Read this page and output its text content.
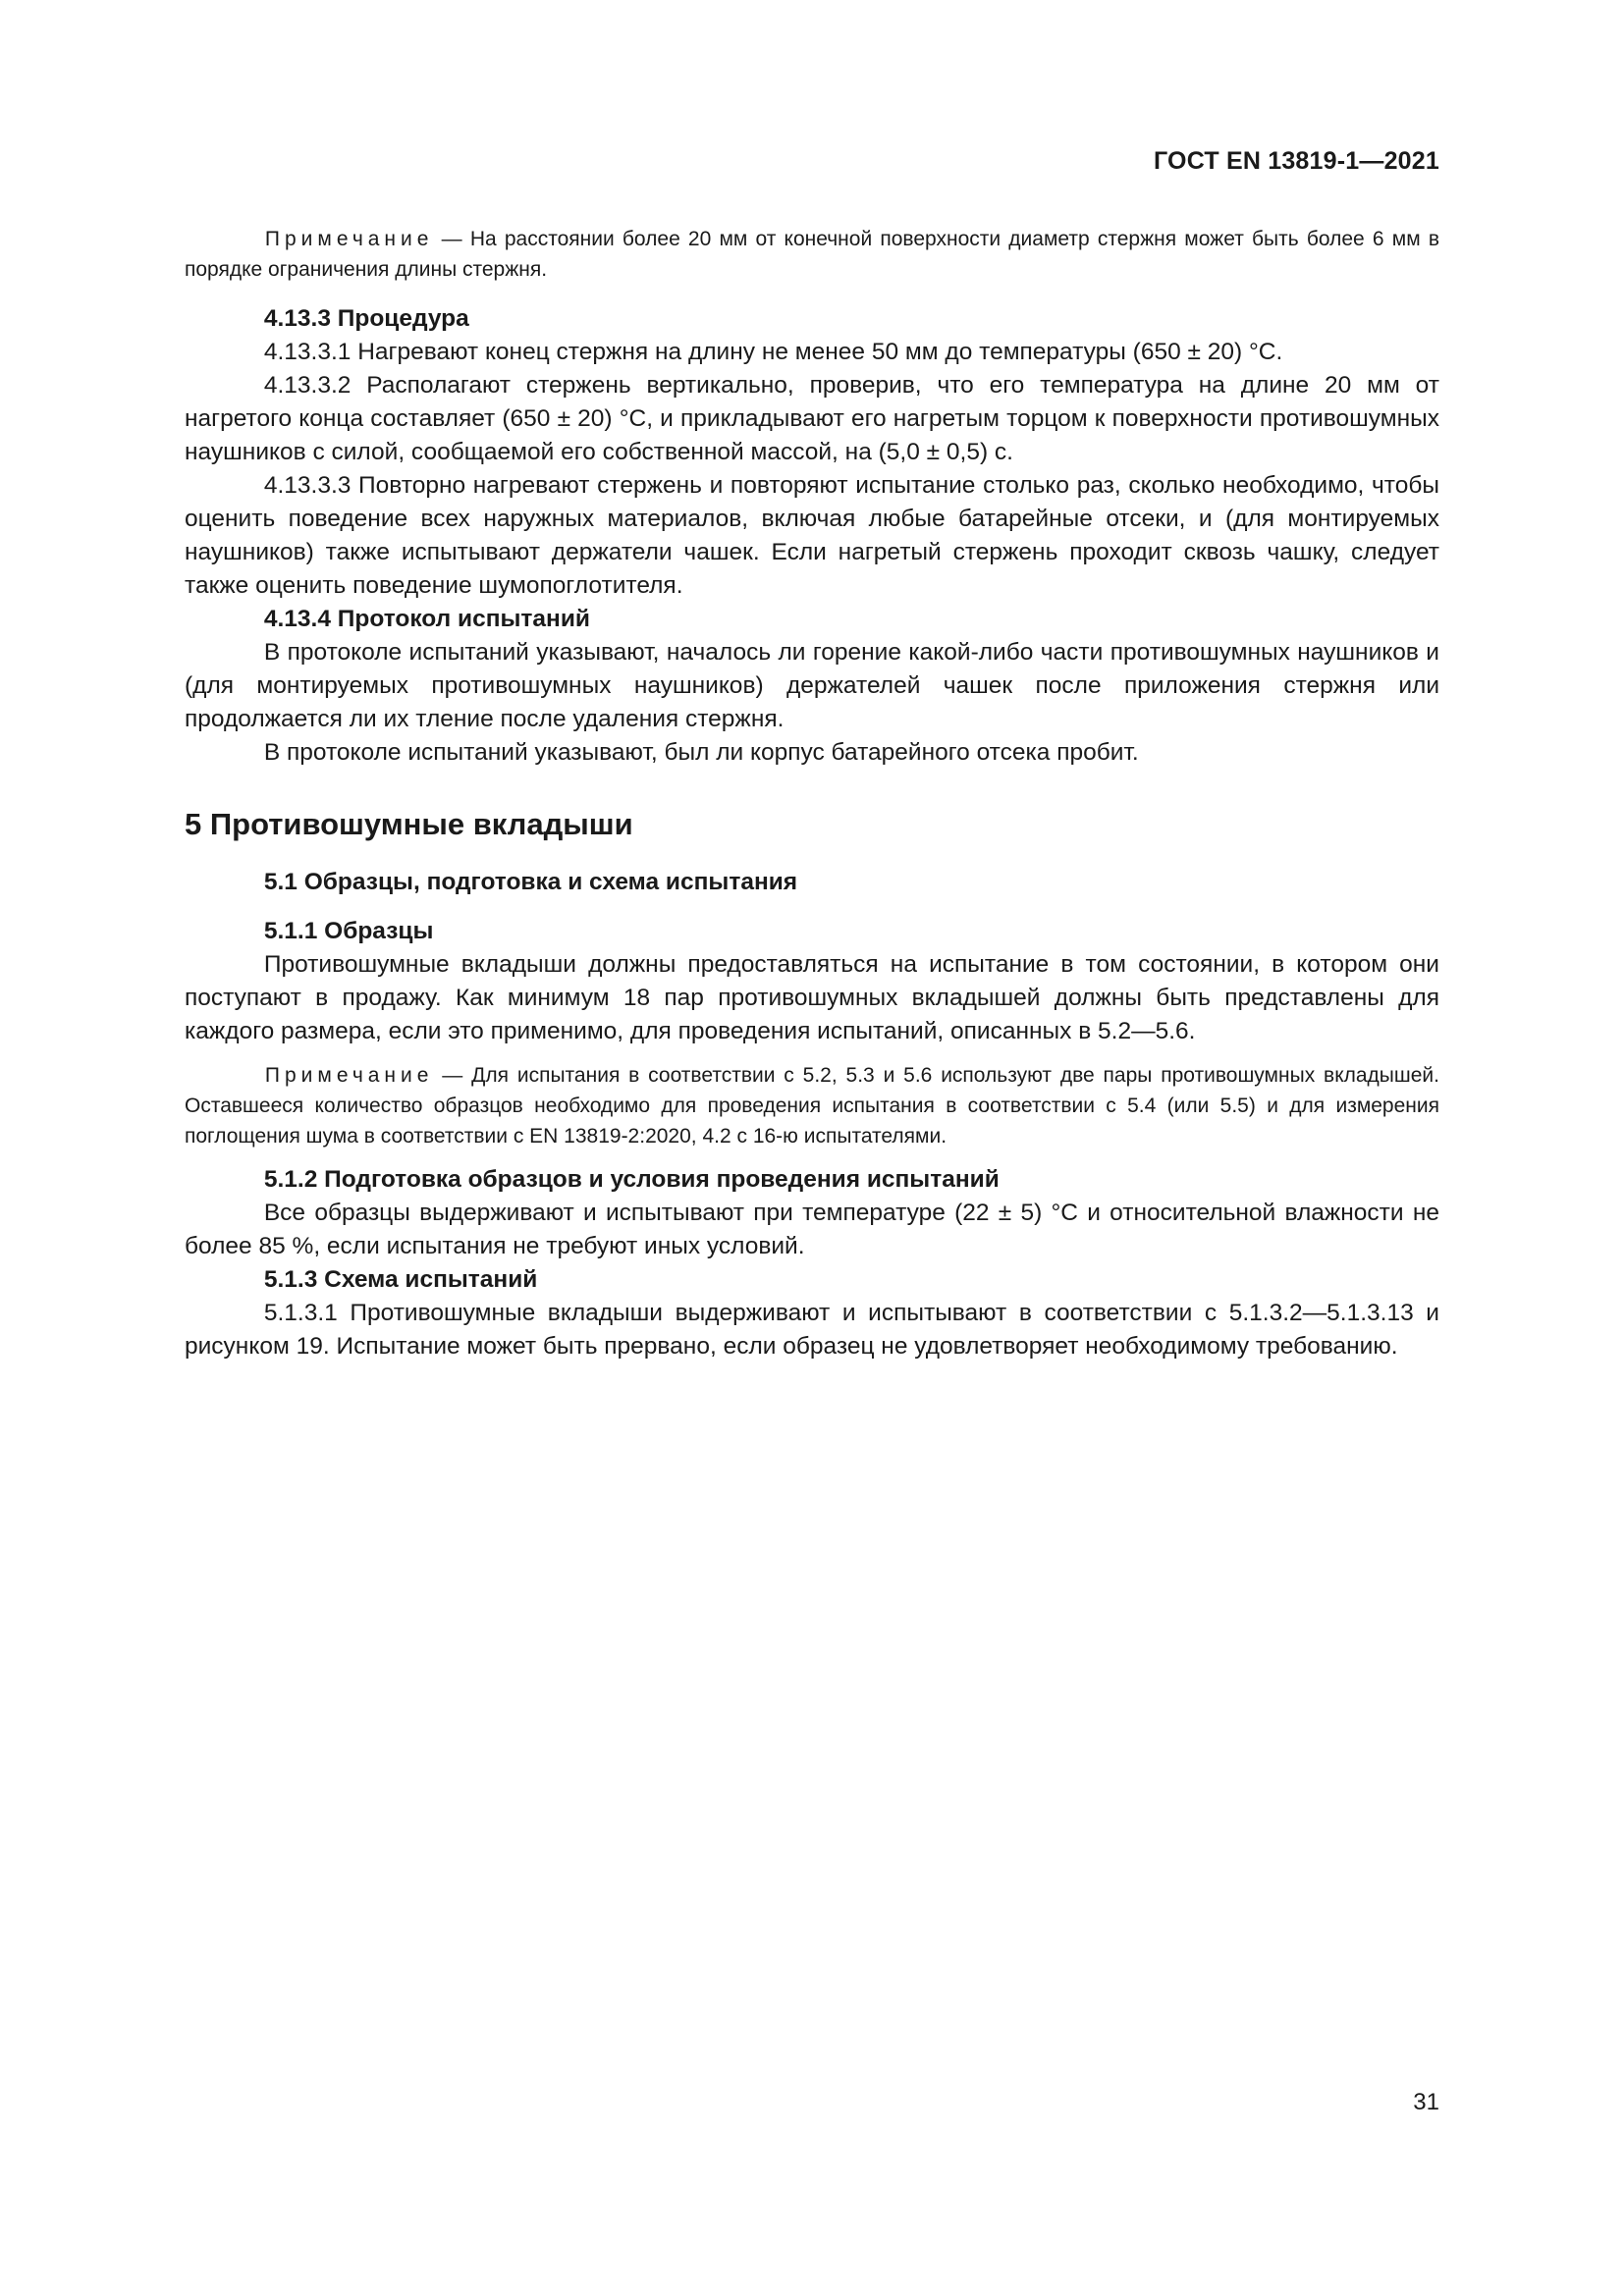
ГОСТ EN 13819-1—2021

Примечание — На расстоянии более 20 мм от конечной поверхности диаметр стержня может быть более 6 мм в порядке ограничения длины стержня.

4.13.3 Процедура

4.13.3.1 Нагревают конец стержня на длину не менее 50 мм до температуры (650 ± 20) °С.

4.13.3.2 Располагают стержень вертикально, проверив, что его температура на длине 20 мм от нагретого конца составляет (650 ± 20) °С, и прикладывают его нагретым торцом к поверхности противошумных наушников с силой, сообщаемой его собственной массой, на (5,0 ± 0,5) с.

4.13.3.3 Повторно нагревают стержень и повторяют испытание столько раз, сколько необходимо, чтобы оценить поведение всех наружных материалов, включая любые батарейные отсеки, и (для монтируемых наушников) также испытывают держатели чашек. Если нагретый стержень проходит сквозь чашку, следует также оценить поведение шумопоглотителя.

4.13.4 Протокол испытаний

В протоколе испытаний указывают, началось ли горение какой-либо части противошумных наушников и (для монтируемых противошумных наушников) держателей чашек после приложения стержня или продолжается ли их тление после удаления стержня.

В протоколе испытаний указывают, был ли корпус батарейного отсека пробит.

5 Противошумные вкладыши

5.1 Образцы, подготовка и схема испытания

5.1.1 Образцы

Противошумные вкладыши должны предоставляться на испытание в том состоянии, в котором они поступают в продажу. Как минимум 18 пар противошумных вкладышей должны быть представлены для каждого размера, если это применимо, для проведения испытаний, описанных в 5.2—5.6.

Примечание — Для испытания в соответствии с 5.2, 5.3 и 5.6 используют две пары противошумных вкладышей. Оставшееся количество образцов необходимо для проведения испытания в соответствии с 5.4 (или 5.5) и для измерения поглощения шума в соответствии с EN 13819-2:2020, 4.2 с 16-ю испытателями.

5.1.2 Подготовка образцов и условия проведения испытаний

Все образцы выдерживают и испытывают при температуре (22 ± 5) °С и относительной влажности не более 85 %, если испытания не требуют иных условий.

5.1.3 Схема испытаний

5.1.3.1 Противошумные вкладыши выдерживают и испытывают в соответствии с 5.1.3.2—5.1.3.13 и рисунком 19. Испытание может быть прервано, если образец не удовлетворяет необходимому требованию.

31
